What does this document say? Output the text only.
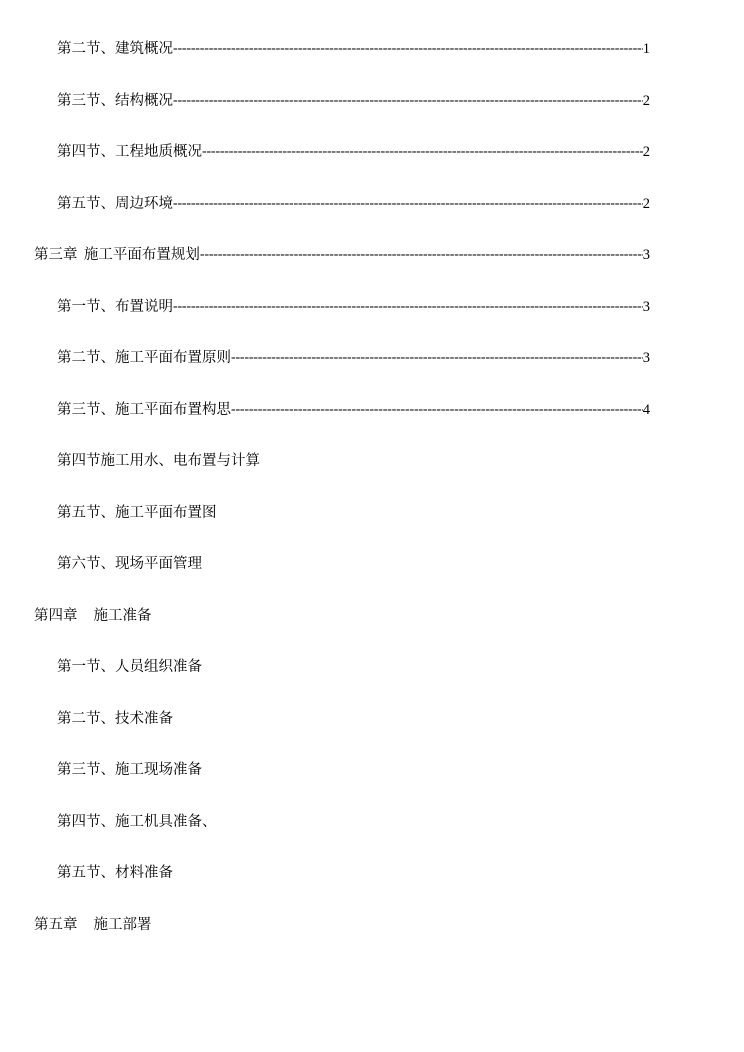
第二节、建筑概况 -----	1
第三节、结构概况 -----	2
第四节、工程地质概况 -----	2
第五节、周边环境 -----	2
第三章 施工平面布置规划 -----	3
第一节、布置说明 -----	3
第二节、施工平面布置原则 -----	3
第三节、施工平面布置构思 -----	4
第四节施工用水、电布置与计算
第五节、施工平面布置图
第六节、现场平面管理
第四章 施工准备
第一节、人员组织准备
第二节、技术准备
第三节、施工现场准备
第四节、施工机具准备、
第五节、材料准备
第五章 施工部署
